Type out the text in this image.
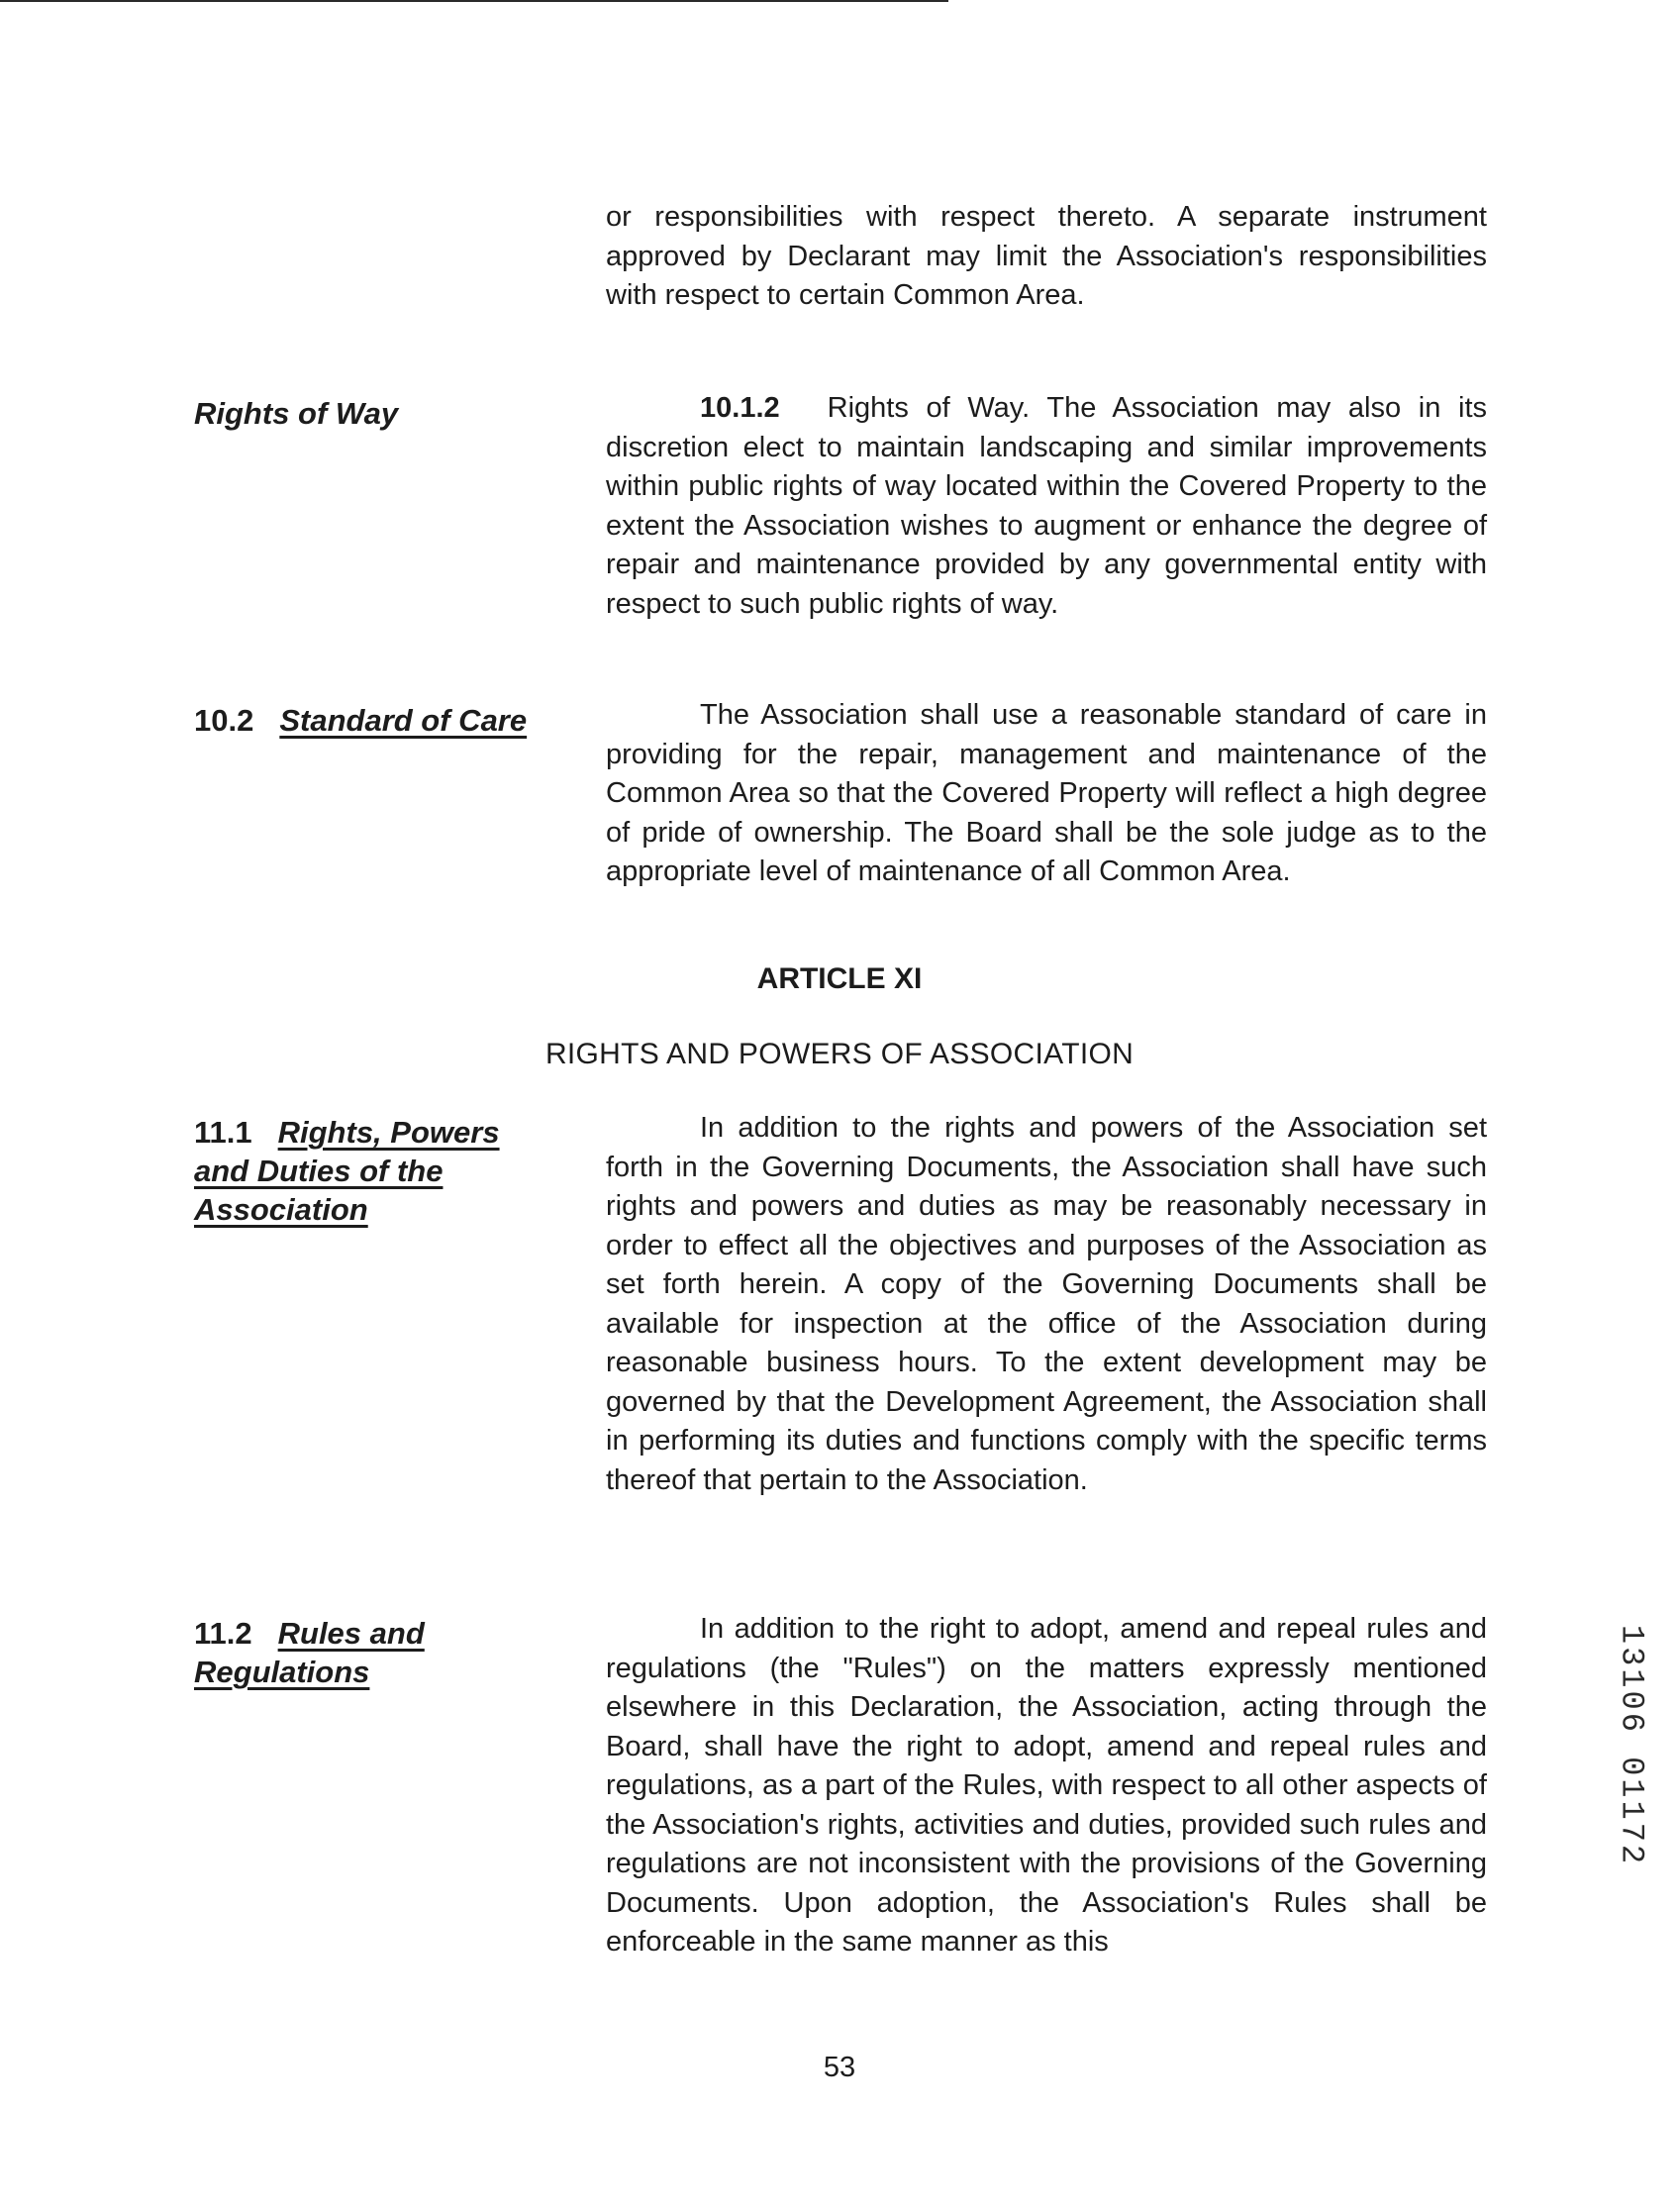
or responsibilities with respect thereto. A separate instrument approved by Declarant may limit the Association's responsibilities with respect to certain Common Area.

Rights of Way	10.1.2 Rights of Way. The Association may also in its discretion elect to maintain landscaping and similar improvements within public rights of way located within the Covered Property to the extent the Association wishes to augment or enhance the degree of repair and maintenance provided by any governmental entity with respect to such public rights of way.

10.2 Standard of Care	The Association shall use a reasonable standard of care in providing for the repair, management and maintenance of the Common Area so that the Covered Property will reflect a high degree of pride of ownership. The Board shall be the sole judge as to the appropriate level of maintenance of all Common Area.

ARTICLE XI
RIGHTS AND POWERS OF ASSOCIATION

11.1 Rights, Powers and Duties of the Association

In addition to the rights and powers of the Association set forth in the Governing Documents, the Association shall have such rights and powers and duties as may be reasonably necessary in order to effect all the objectives and purposes of the Association as set forth herein. A copy of the Governing Documents shall be available for inspection at the office of the Association during reasonable business hours. To the extent development may be governed by that the Development Agreement, the Association shall in performing its duties and functions comply with the specific terms thereof that pertain to the Association.

11.2 Rules and Regulations

In addition to the right to adopt, amend and repeal rules and regulations (the "Rules") on the matters expressly mentioned elsewhere in this Declaration, the Association, acting through the Board, shall have the right to adopt, amend and repeal rules and regulations, as a part of the Rules, with respect to all other aspects of the Association's rights, activities and duties, provided such rules and regulations are not inconsistent with the provisions of the Governing Documents. Upon adoption, the Association's Rules shall be enforceable in the same manner as this

13106 01172

53
